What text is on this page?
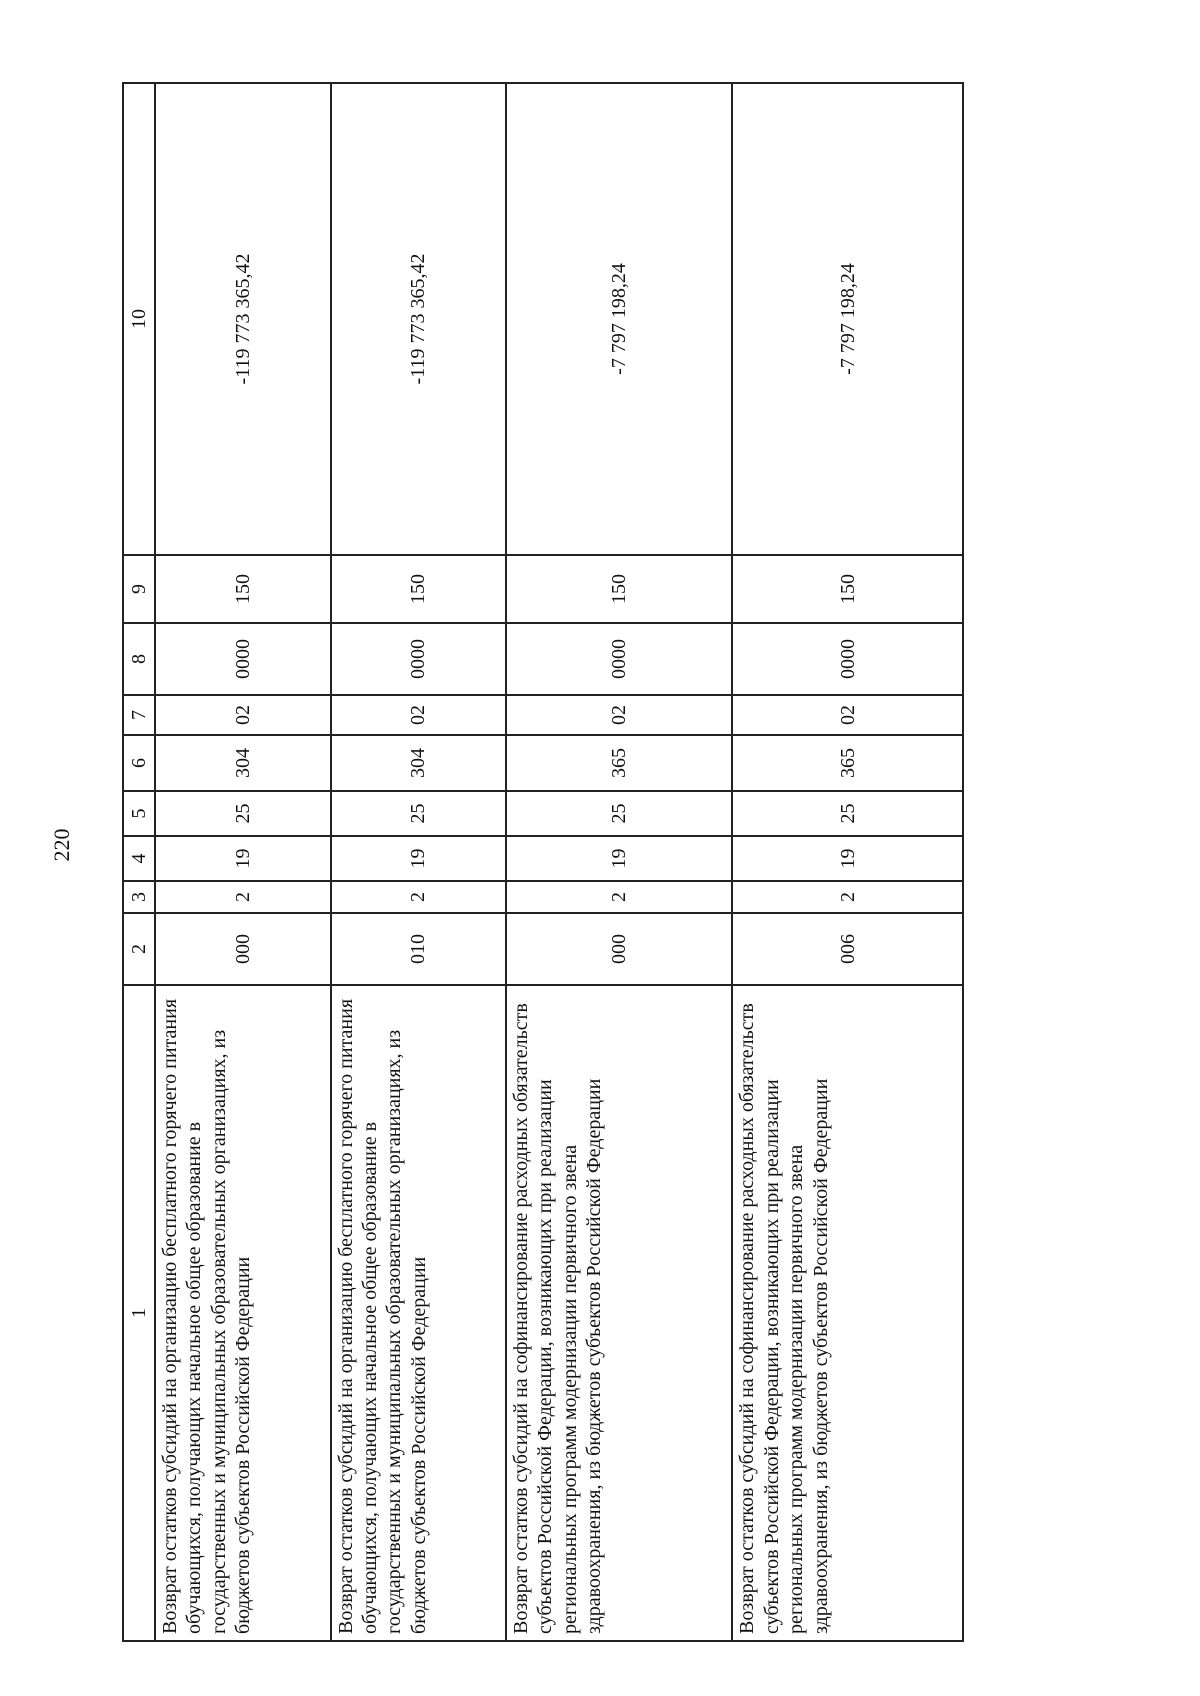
220
1	2	3	4	5	6	7	8	9	10
Возврат остатков субсидий на организацию бесплатного горячего питания обучающихся, получающих начальное общее образование в государственных и муниципальных образовательных организациях, из бюджетов субъектов Российской Федерации	000	2	19	25	304	02	0000	150	-119 773 365,42
Возврат остатков субсидий на организацию бесплатного горячего питания обучающихся, получающих начальное общее образование в государственных и муниципальных образовательных организациях, из бюджетов субъектов Российской Федерации	010	2	19	25	304	02	0000	150	-119 773 365,42
Возврат остатков субсидий на софинансирование расходных обязательств субъектов Российской Федерации, возникающих при реализации региональных программ модернизации первичного звена здравоохранения, из бюджетов субъектов Российской Федерации	000	2	19	25	365	02	0000	150	-7 797 198,24
Возврат остатков субсидий на софинансирование расходных обязательств субъектов Российской Федерации, возникающих при реализации региональных программ модернизации первичного звена здравоохранения, из бюджетов субъектов Российской Федерации	006	2	19	25	365	02	0000	150	-7 797 198,24
